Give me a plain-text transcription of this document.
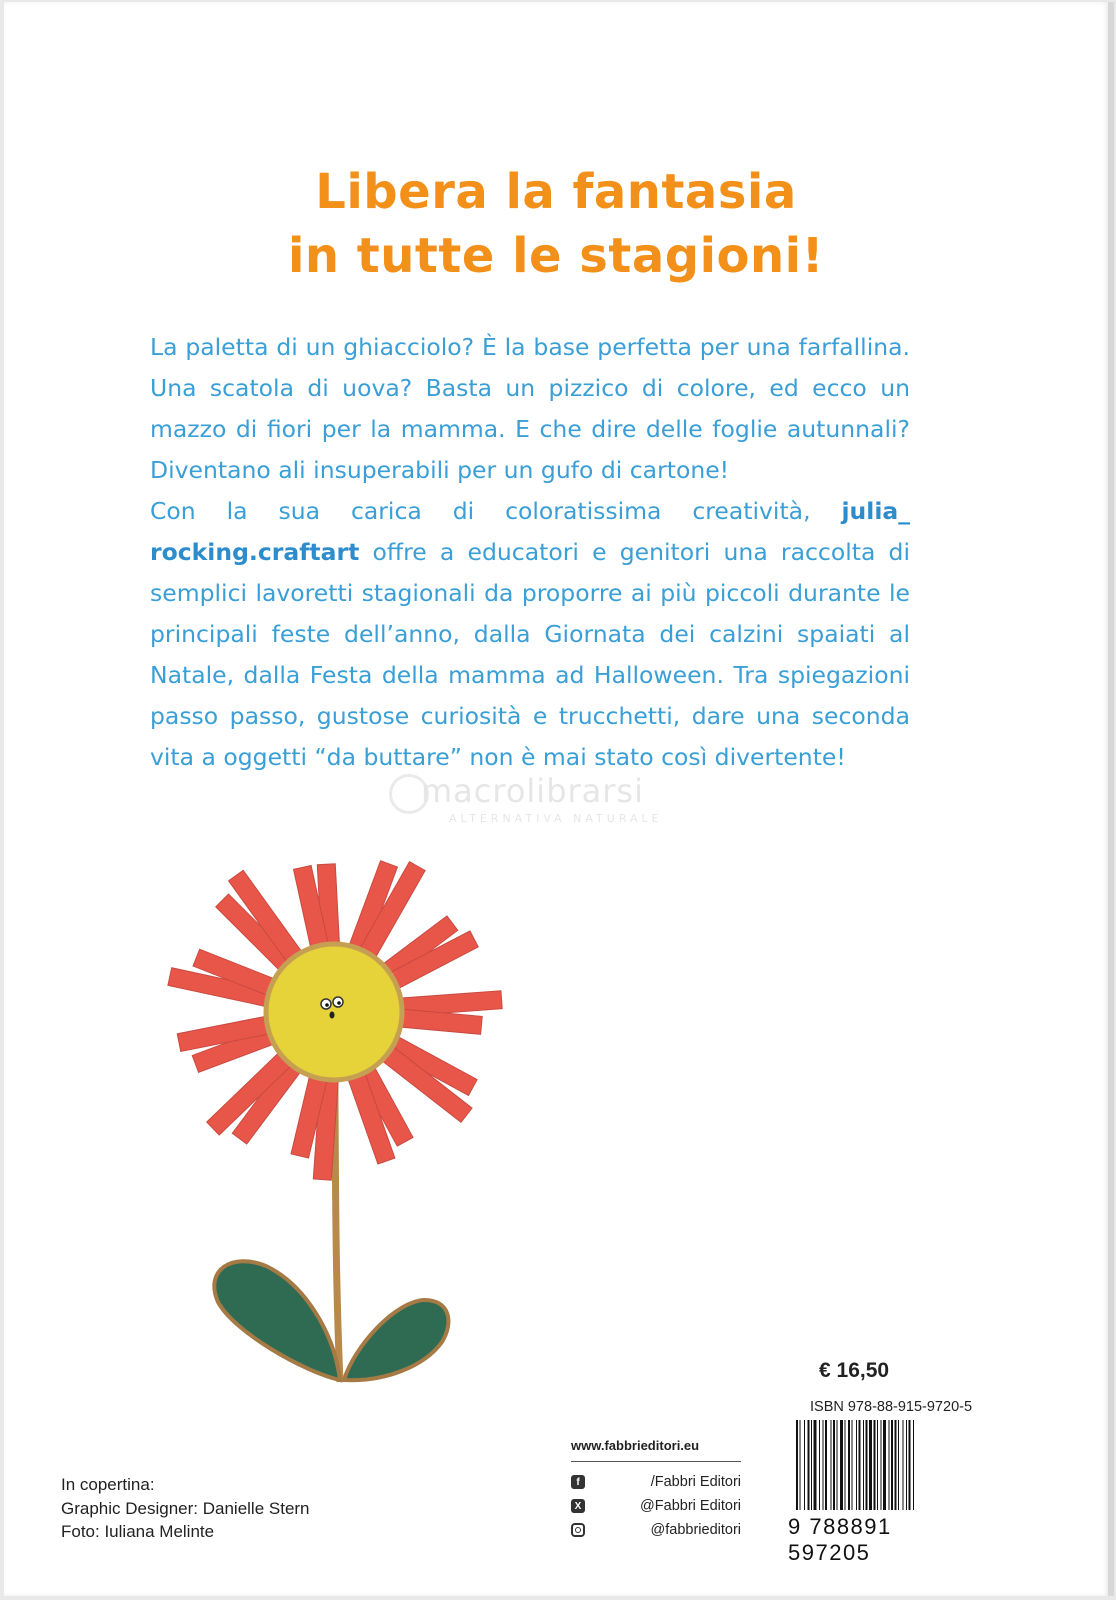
Libera la fantasia
in tutte le stagioni!

La paletta di un ghiacciolo? È la base perfetta per una farfallina. Una scatola di uova? Basta un pizzico di colore, ed ecco un mazzo di fiori per la mamma. E che dire delle foglie autunnali? Diventano ali insuperabili per un gufo di cartone!

Con la sua carica di coloratissima creatività, julia_ rocking.craftart offre a educatori e genitori una raccolta di semplici lavoretti stagionali da proporre ai più piccoli durante le principali feste dell’anno, dalla Giornata dei calzini spaiati al Natale, dalla Festa della mamma ad Halloween. Tra spiegazioni passo passo, gustose curiosità e trucchetti, dare una seconda vita a oggetti “da buttare” non è mai stato così divertente!

macrolibrarsi
ALTERNATIVA NATURALE
€ 16,50
ISBN 978-88-915-9720-5
9 788891 597205
www.fabbrieditori.eu
f	/Fabbri Editori
X	@Fabbri Editori
@fabbrieditori
In copertina:
Graphic Designer: Danielle Stern
Foto: Iuliana Melinte
